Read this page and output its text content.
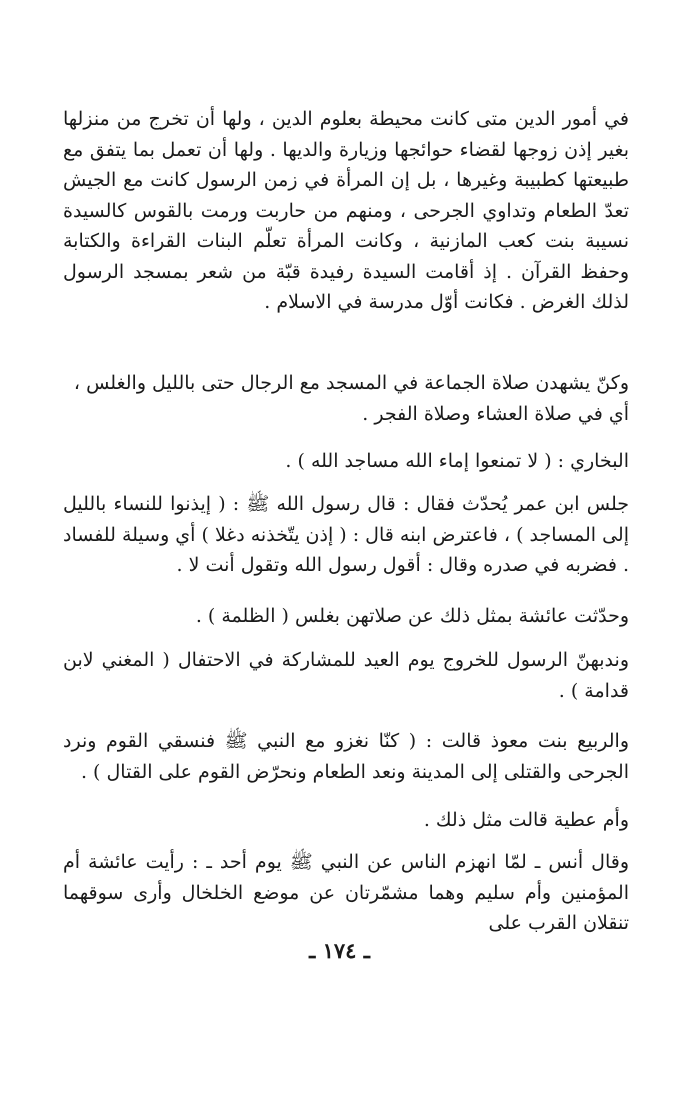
في أمور الدين متى كانت محيطة بعلوم الدين ، ولها أن تخرج من منزلها بغير إذن زوجها لقضاء حوائجها وزيارة والديها . ولها أن تعمل بما يتفق مع طبيعتها كطبيبة وغيرها ، بل إن المرأة في زمن الرسول كانت مع الجيش تعدّ الطعام وتداوي الجرحى ، ومنهم من حاربت ورمت بالقوس كالسيدة نسيبة بنت كعب المازنية ، وكانت المرأة تعلّم البنات القراءة والكتابة وحفظ القرآن . إذ أقامت السيدة رفيدة قبّة من شعر بمسجد الرسول لذلك الغرض . فكانت أوّل مدرسة في الاسلام .

وكنّ يشهدن صلاة الجماعة في المسجد مع الرجال حتى بالليل والغلس ، أي في صلاة العشاء وصلاة الفجر .

البخاري : ( لا تمنعوا إماء الله مساجد الله ) .

جلس ابن عمر يُحدّث فقال : قال رسول الله ﷺ : ( إيذنوا للنساء بالليل إلى المساجد ) ، فاعترض ابنه قال : ( إذن يتّخذنه دغلا ) أي وسيلة للفساد . فضربه في صدره وقال : أقول رسول الله وتقول أنت لا .

وحدّثت عائشة بمثل ذلك عن صلاتهن بغلس ( الظلمة ) .

وندبهنّ الرسول للخروج يوم العيد للمشاركة في الاحتفال ( المغني لابن قدامة ) .

والربيع بنت معوذ قالت : ( كنّا نغزو مع النبي ﷺ فنسقي القوم ونرد الجرحى والقتلى إلى المدينة ونعد الطعام ونحرّض القوم على القتال ) .

وأم عطية قالت مثل ذلك .

وقال أنس ـ لمّا انهزم الناس عن النبي ﷺ يوم أحد ـ : رأيت عائشة أم المؤمنين وأم سليم وهما مشمّرتان عن موضع الخلخال وأرى سوقهما تنقلان القرب على

ـ ١٧٤ ـ
